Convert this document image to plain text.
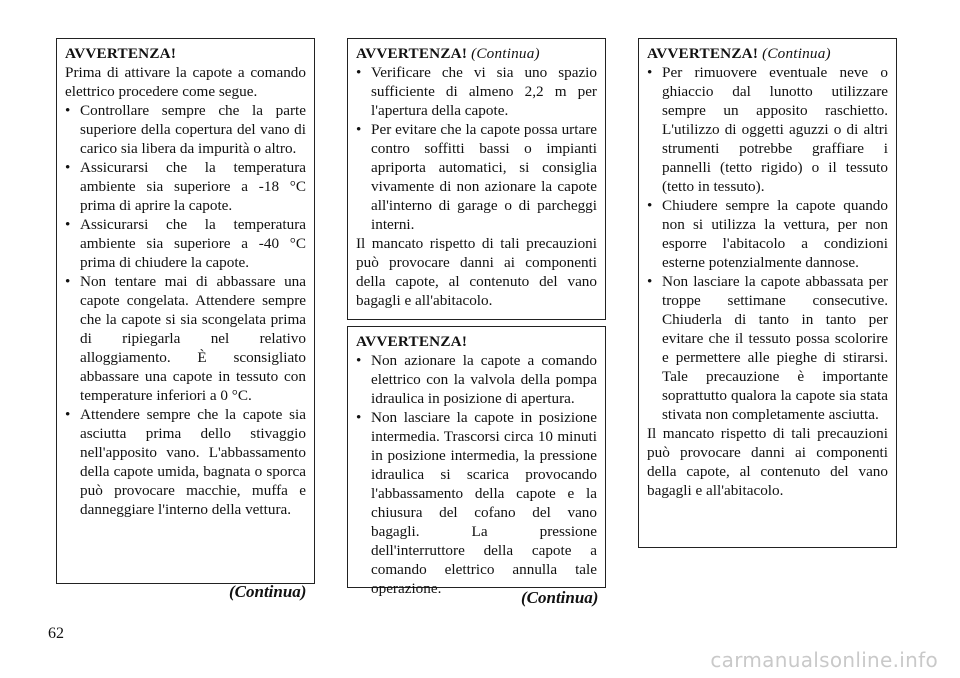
AVVERTENZA!

Prima di attivare la capote a comando elettrico procedere come segue.

• Controllare sempre che la parte superiore della copertura del vano di carico sia libera da impurità o altro.
• Assicurarsi che la temperatura ambiente sia superiore a -18 °C prima di aprire la capote.
• Assicurarsi che la temperatura ambiente sia superiore a -40 °C prima di chiudere la capote.
• Non tentare mai di abbassare una capote congelata. Attendere sempre che la capote si sia scongelata prima di ripiegarla nel relativo alloggiamento. È sconsigliato abbassare una capote in tessuto con temperature inferiori a 0 °C.
• Attendere sempre che la capote sia asciutta prima dello stivaggio nell'apposito vano. L'abbassamento della capote umida, bagnata o sporca può provocare macchie, muffa e danneggiare l'interno della vettura.
(Continua)

AVVERTENZA! (Continua)

• Verificare che vi sia uno spazio sufficiente di almeno 2,2 m per l'apertura della capote.
• Per evitare che la capote possa urtare contro soffitti bassi o impianti apriporta automatici, si consiglia vivamente di non azionare la capote all'interno di garage o di parcheggi interni.

Il mancato rispetto di tali precauzioni può provocare danni ai componenti della capote, al contenuto del vano bagagli e all'abitacolo.

AVVERTENZA!

• Non azionare la capote a comando elettrico con la valvola della pompa idraulica in posizione di apertura.
• Non lasciare la capote in posizione intermedia. Trascorsi circa 10 minuti in posizione intermedia, la pressione idraulica si scarica provocando l'abbassamento della capote e la chiusura del cofano del vano bagagli. La pressione dell'interruttore della capote a comando elettrico annulla tale operazione.	(Continua)

AVVERTENZA! (Continua)

• Per rimuovere eventuale neve o ghiaccio dal lunotto utilizzare sempre un apposito raschietto. L'utilizzo di oggetti aguzzi o di altri strumenti potrebbe graffiare i pannelli (tetto rigido) o il tessuto (tetto in tessuto).
• Chiudere sempre la capote quando non si utilizza la vettura, per non esporre l'abitacolo a condizioni esterne potenzialmente dannose.
• Non lasciare la capote abbassata per troppe settimane consecutive. Chiuderla di tanto in tanto per evitare che il tessuto possa scolorire e permettere alle pieghe di stirarsi. Tale precauzione è importante soprattutto qualora la capote sia stata stivata non completamente asciutta.

Il mancato rispetto di tali precauzioni può provocare danni ai componenti della capote, al contenuto del vano bagagli e all'abitacolo.

62
carmanualsonline.info
